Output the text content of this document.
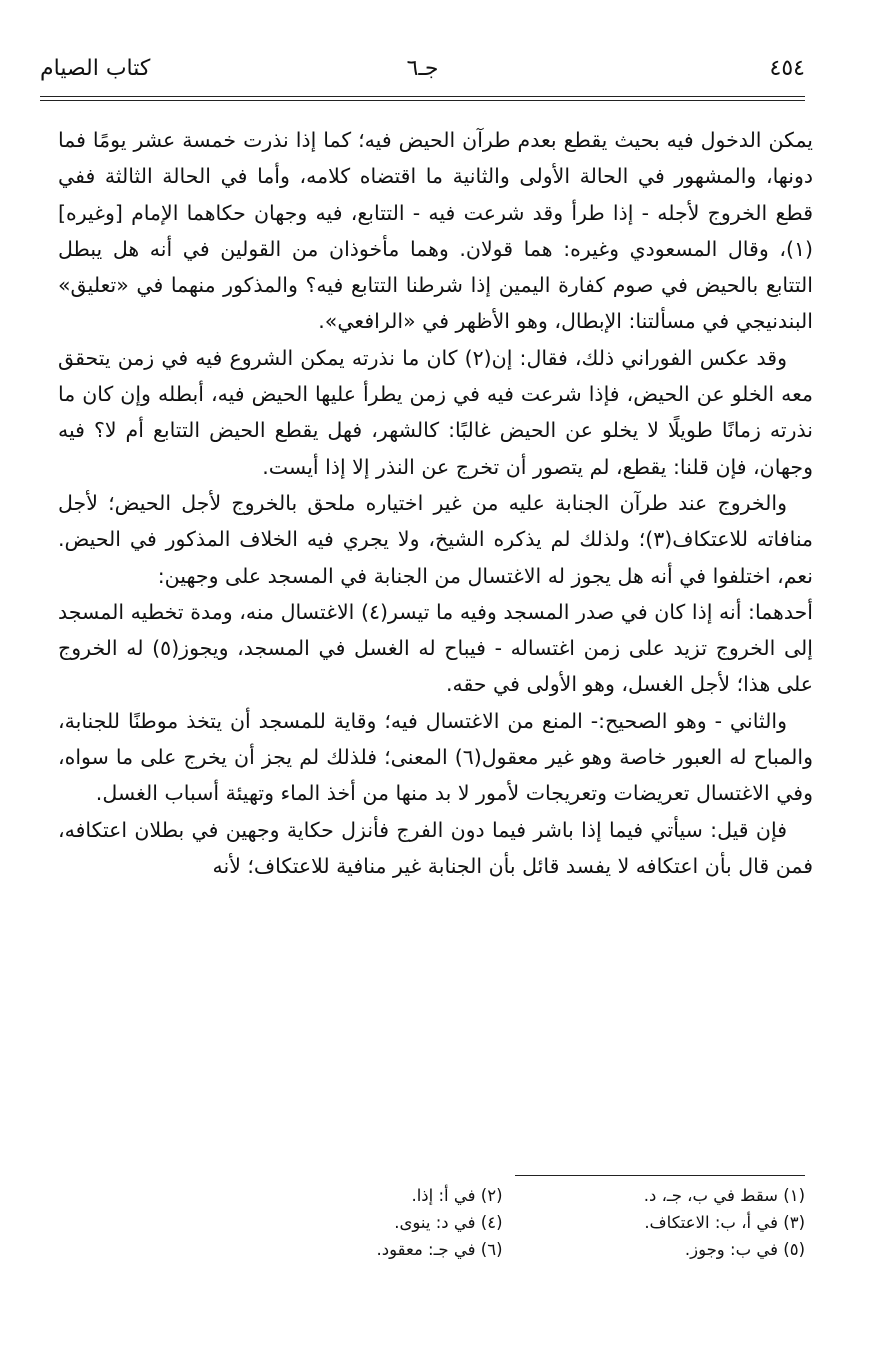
٤٥٤
جـ٦
كتاب الصيام

يمكن الدخول فيه بحيث يقطع بعدم طرآن الحيض فيه؛ كما إذا نذرت خمسة عشر يومًا فما دونها، والمشهور في الحالة الأولى والثانية ما اقتضاه كلامه، وأما في الحالة الثالثة ففي قطع الخروج لأجله - إذا طرأ وقد شرعت فيه - التتابع، فيه وجهان حكاهما الإمام [وغيره](١)، وقال المسعودي وغيره: هما قولان. وهما مأخوذان من القولين في أنه هل يبطل التتابع بالحيض في صوم كفارة اليمين إذا شرطنا التتابع فيه؟ والمذكور منهما في «تعليق» البندنيجي في مسألتنا: الإبطال، وهو الأظهر في «الرافعي».

وقد عكس الفوراني ذلك، فقال: إن(٢) كان ما نذرته يمكن الشروع فيه في زمن يتحقق معه الخلو عن الحيض، فإذا شرعت فيه في زمن يطرأ عليها الحيض فيه، أبطله وإن كان ما نذرته زمانًا طويلًا لا يخلو عن الحيض غالبًا: كالشهر، فهل يقطع الحيض التتابع أم لا؟ فيه وجهان، فإن قلنا: يقطع، لم يتصور أن تخرج عن النذر إلا إذا أيست.

والخروج عند طرآن الجنابة عليه من غير اختياره ملحق بالخروج لأجل الحيض؛ لأجل منافاته للاعتكاف(٣)؛ ولذلك لم يذكره الشيخ، ولا يجري فيه الخلاف المذكور في الحيض. نعم، اختلفوا في أنه هل يجوز له الاغتسال من الجنابة في المسجد على وجهين:

أحدهما: أنه إذا كان في صدر المسجد وفيه ما تيسر(٤) الاغتسال منه، ومدة تخطيه المسجد إلى الخروج تزيد على زمن اغتساله - فيباح له الغسل في المسجد، ويجوز(٥) له الخروج على هذا؛ لأجل الغسل، وهو الأولى في حقه.

والثاني - وهو الصحيح:- المنع من الاغتسال فيه؛ وقاية للمسجد أن يتخذ موطنًا للجنابة، والمباح له العبور خاصة وهو غير معقول(٦) المعنى؛ فلذلك لم يجز أن يخرج على ما سواه، وفي الاغتسال تعريضات وتعريجات لأمور لا بد منها من أخذ الماء وتهيئة أسباب الغسل.

فإن قيل: سيأتي فيما إذا باشر فيما دون الفرج فأنزل حكاية وجهين في بطلان اعتكافه، فمن قال بأن اعتكافه لا يفسد قائل بأن الجنابة غير منافية للاعتكاف؛ لأنه

(١) سقط في ب، جـ، د.
(٢) في أ: إذا.
(٣) في أ، ب: الاعتكاف.
(٤) في د: ينوى.
(٥) في ب: وجوز.
(٦) في جـ: معقود.
